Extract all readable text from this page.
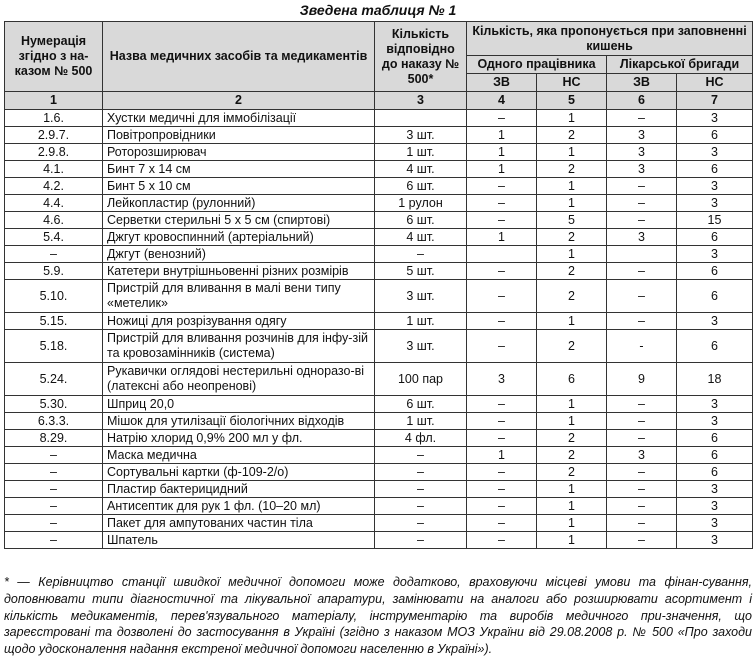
Зведена таблиця № 1
Нумерація згідно з на-казом № 500	Назва медичних засобів та медикаментів	Кількість відповідно до наказу № 500*	Кількість, яка пропонується при заповненні кишень			
			Одного працівника		Лікарської бригади	
			ЗВ	НС	ЗВ	НС
1	2	3	4	5	6	7
1.6.	Хустки медичні для іммобілізації		–	1	–	3
2.9.7.	Повітропровідники	3 шт.	1	2	3	6
2.9.8.	Роторозширювач	1 шт.	1	1	3	3
4.1.	Бинт 7 х 14 см	4 шт.	1	2	3	6
4.2.	Бинт 5 х 10 см	6 шт.	–	1	–	3
4.4.	Лейкопластир (рулонний)	1 рулон	–	1	–	3
4.6.	Серветки стерильні 5 х 5 см (спиртові)	6 шт.	–	5	–	15
5.4.	Джгут кровоспинний (артеріальний)	4 шт.	1	2	3	6
–	Джгут (венозний)	–		1		3
5.9.	Катетери внутрішньовенні різних розмірів	5 шт.	–	2	–	6
5.10.	Пристрій для вливання в малі вени типу «метелик»	3 шт.	–	2	–	6
5.15.	Ножиці для розрізування одягу	1 шт.	–	1	–	3
5.18.	Пристрій для вливання розчинів для інфу-зій та кровозамінників (система)	3 шт.	–	2	-	6
5.24.	Рукавички оглядові нестерильні одноразо-ві (латексні або неопренові)	100 пар	3	6	9	18
5.30.	Шприц 20,0	6 шт.	–	1	–	3
6.3.3.	Мішок для утилізації біологічних відходів	1 шт.	–	1	–	3
8.29.	Натрію хлорид 0,9% 200 мл у фл.	4 фл.	–	2	–	6
–	Маска медична	–	1	2	3	6
–	Сортувальні картки (ф-109-2/о)	–	–	2	–	6
–	Пластир бактерицидний	–	–	1	–	3
–	Антисептик для рук 1 фл. (10–20 мл)	–	–	1	–	3
–	Пакет для ампутованих частин тіла	–	–	1	–	3
–	Шпатель	–	–	1	–	3
* — Керівництво станції швидкої медичної допомоги може додатково, враховуючи місцеві умови та фінан-сування, доповнювати типи діагностичної та лікувальної апаратури, замінювати на аналоги або розширювати асортимент і кількість медикаментів, перев'язувального матеріалу, інструментарію та виробів медичного при-значення, що зареєстровані та дозволені до застосування в Україні (згідно з наказом МОЗ України від 29.08.2008 р. № 500 «Про заходи щодо удосконалення надання екстреної медичної допомоги населенню в Україні»).
